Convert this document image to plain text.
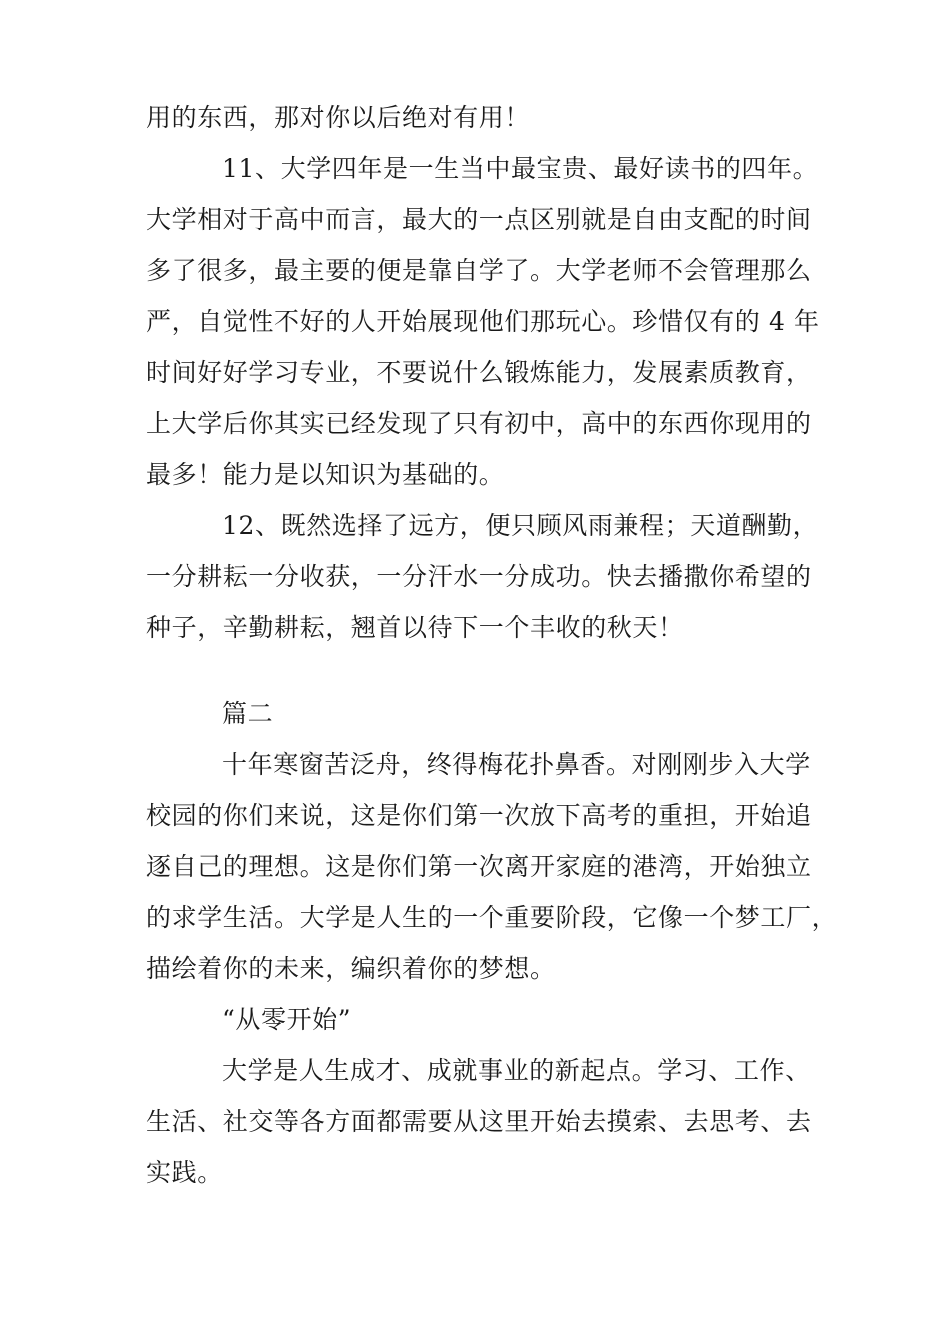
用的东西，那对你以后绝对有用！
11、大学四年是一生当中最宝贵、最好读书的四年。
大学相对于高中而言，最大的一点区别就是自由支配的时间
多了很多，最主要的便是靠自学了。大学老师不会管理那么
严，自觉性不好的人开始展现他们那玩心。珍惜仅有的 4 年
时间好好学习专业，不要说什么锻炼能力，发展素质教育，
上大学后你其实已经发现了只有初中，高中的东西你现用的
最多！能力是以知识为基础的。
12、既然选择了远方，便只顾风雨兼程；天道酬勤，
一分耕耘一分收获，一分汗水一分成功。快去播撒你希望的
种子，辛勤耕耘，翘首以待下一个丰收的秋天！
篇二
十年寒窗苦泛舟，终得梅花扑鼻香。对刚刚步入大学
校园的你们来说，这是你们第一次放下高考的重担，开始追
逐自己的理想。这是你们第一次离开家庭的港湾，开始独立
的求学生活。大学是人生的一个重要阶段，它像一个梦工厂，
描绘着你的未来，编织着你的梦想。
“从零开始”
大学是人生成才、成就事业的新起点。学习、工作、
生活、社交等各方面都需要从这里开始去摸索、去思考、去
实践。
